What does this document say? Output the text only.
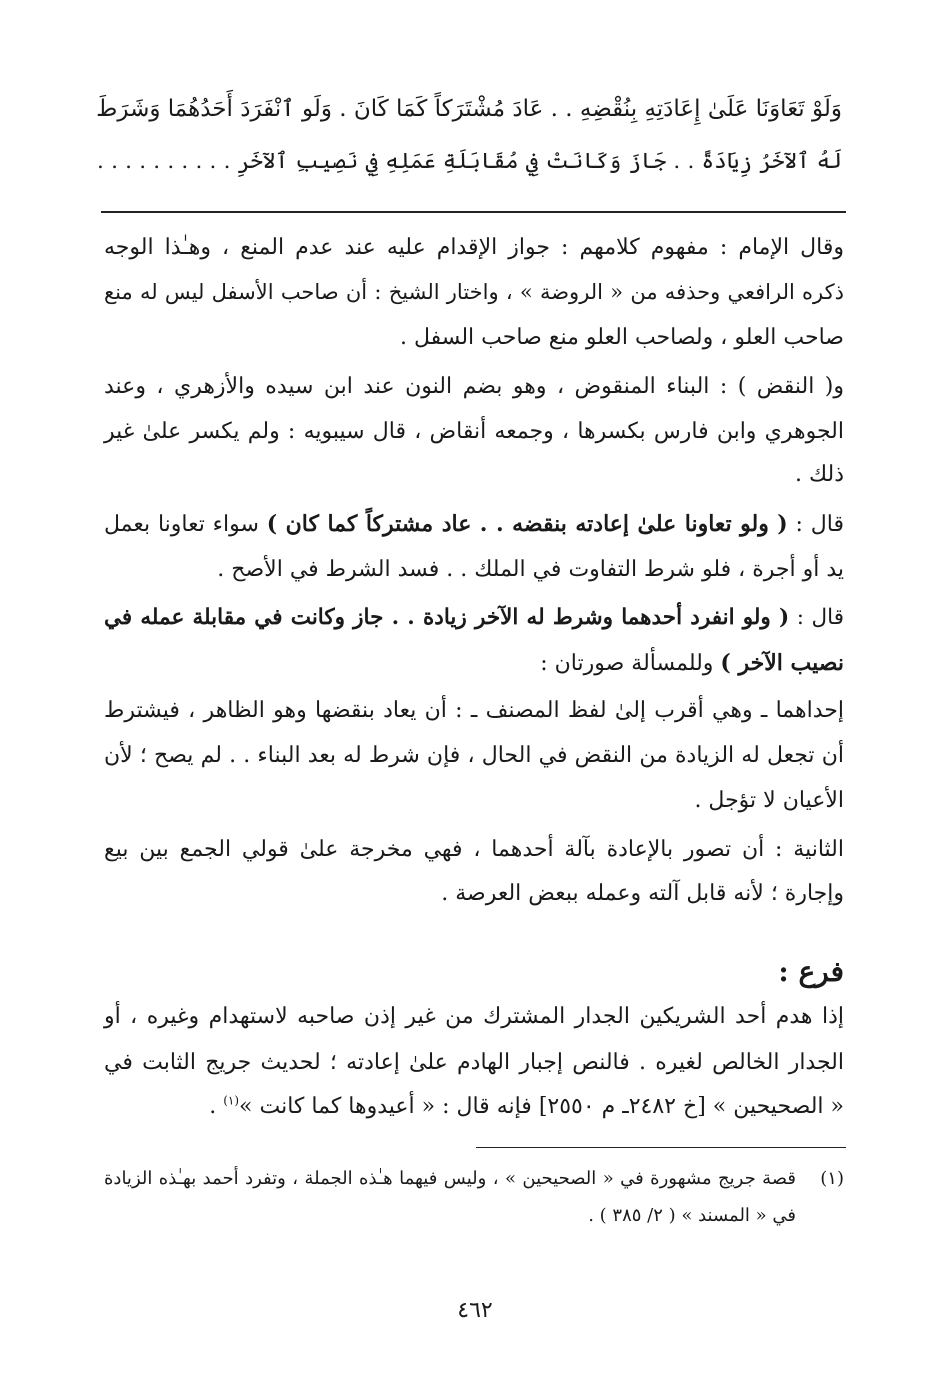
وَلَوْ تَعَاوَنَا عَلَىٰ إِعَادَتِهِ بِنُقْضِهِ . . عَادَ مُشْتَرَكاً كَمَا كَانَ . وَلَو ٱنْفَرَدَ أَحَدُهُمَا وَشَرَطَ
لَهُ ٱلآخَرُ زِيَادَةً . . جَازَ وَكَانَتْ فِي مُقَابَلَةِ عَمَلِهِ فِي نَصِيبِ ٱلآخَرِ . . . . . . . . . .
وقال الإمام : مفهوم كلامهم : جواز الإقدام عليه عند عدم المنع ، وهـٰذا الوجه
ذكره الرافعي وحذفه من « الروضة » ، واختار الشيخ : أن صاحب الأسفل ليس له منع
صاحب العلو ، ولصاحب العلو منع صاحب السفل .
و( النقض ) : البناء المنقوض ، وهو بضم النون عند ابن سيده والأزهري ، وعند
الجوهري وابن فارس بكسرها ، وجمعه أنقاض ، قال سيبويه : ولم يكسر علىٰ غير
ذلك .
قال : ( ولو تعاونا علىٰ إعادته بنقضه . . عاد مشتركاً كما كان ) سواء تعاونا بعمل
يد أو أجرة ، فلو شرط التفاوت في الملك . . فسد الشرط في الأصح .
قال : ( ولو انفرد أحدهما وشرط له الآخر زيادة . . جاز وكانت في مقابلة عمله في
نصيب الآخر ) وللمسألة صورتان :
إحداهما ـ وهي أقرب إلىٰ لفظ المصنف ـ : أن يعاد بنقضها وهو الظاهر ، فيشترط
أن تجعل له الزيادة من النقض في الحال ، فإن شرط له بعد البناء . . لم يصح ؛ لأن
الأعيان لا تؤجل .
الثانية : أن تصور بالإعادة بآلة أحدهما ، فهي مخرجة علىٰ قولي الجمع بين بيع
وإجارة ؛ لأنه قابل آلته وعمله ببعض العرصة .
فرع :
إذا هدم أحد الشريكين الجدار المشترك من غير إذن صاحبه لاستهدام وغيره ، أو
الجدار الخالص لغيره . فالنص إجبار الهادم علىٰ إعادته ؛ لحديث جريج الثابت في
« الصحيحين » [خ ٢٤٨٢ـ م ٢٥٥٠] فإنه قال : « أعيدوها كما كانت »$^{(١)}$ .
(١)قصة جريج مشهورة في « الصحيحين » ، وليس فيهما هـٰذه الجملة ، وتفرد أحمد بهـٰذه الزيادة
في « المسند » ( ٢/ ٣٨٥ ) .
٤٦٢
